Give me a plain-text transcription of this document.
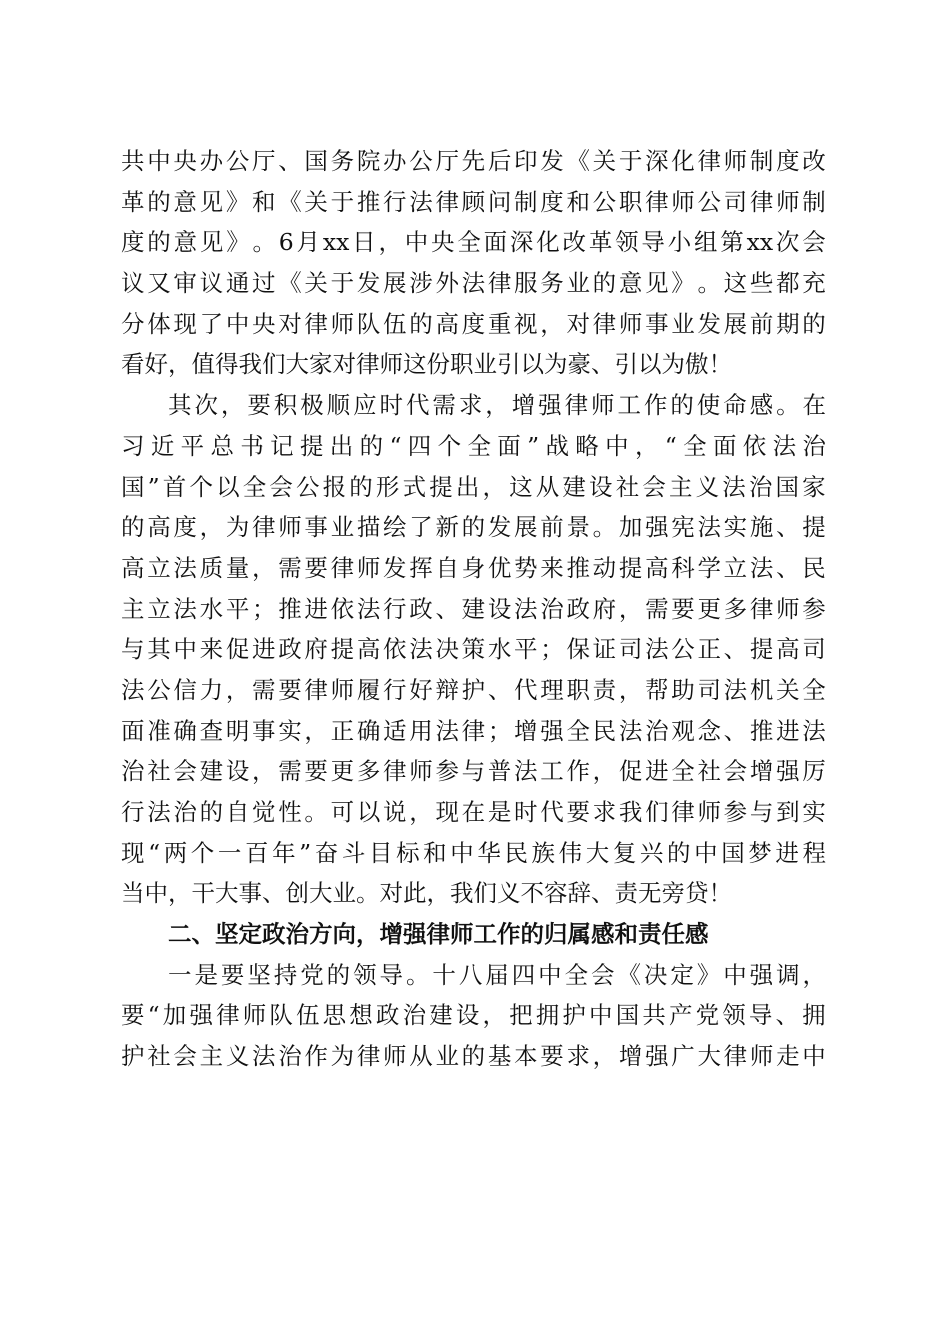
共 中 央 办 公 厅 、 国 务 院 办 公 厅 先 后 印 发 《 关 于 深 化 律 师 制 度 改
革 的 意 见 》 和 《 关 于 推 行 法 律 顾 问 制 度 和 公 职 律 师 公 司 律 师 制
度 的 意 见 》 。 6 月 xx 日 ， 中 央 全 面 深 化 改 革 领 导 小 组 第 xx 次 会
议 又 审 议 通 过 《 关 于 发 展 涉 外 法 律 服 务 业 的 意 见 》 。 这 些 都 充
分 体 现 了 中 央 对 律 师 队 伍 的 高 度 重 视 ， 对 律 师 事 业 发 展 前 期 的
看好，值得我们大家对律师这份职业引以为豪、引以为傲！
其 次 ， 要 积 极 顺 应 时 代 需 求 ， 增 强 律 师 工 作 的 使 命 感 。 在
习 近 平 总 书 记 提 出 的 “ 四 个 全 面 ” 战 略 中 ， “ 全 面 依 法 治
国 ” 首 个 以 全 会 公 报 的 形 式 提 出 ， 这 从 建 设 社 会 主 义 法 治 国 家
的 高 度 ， 为 律 师 事 业 描 绘 了 新 的 发 展 前 景 。 加 强 宪 法 实 施 、 提
高 立 法 质 量 ， 需 要 律 师 发 挥 自 身 优 势 来 推 动 提 高 科 学 立 法 、 民
主 立 法 水 平 ； 推 进 依 法 行 政 、 建 设 法 治 政 府 ， 需 要 更 多 律 师 参
与 其 中 来 促 进 政 府 提 高 依 法 决 策 水 平 ； 保 证 司 法 公 正 、 提 高 司
法 公 信 力 ， 需 要 律 师 履 行 好 辩 护 、 代 理 职 责 ， 帮 助 司 法 机 关 全
面 准 确 查 明 事 实 ， 正 确 适 用 法 律 ； 增 强 全 民 法 治 观 念 、 推 进 法
治 社 会 建 设 ， 需 要 更 多 律 师 参 与 普 法 工 作 ， 促 进 全 社 会 增 强 厉
行 法 治 的 自 觉 性 。 可 以 说 ， 现 在 是 时 代 要 求 我 们 律 师 参 与 到 实
现 “ 两 个 一 百 年 ” 奋 斗 目 标 和 中 华 民 族 伟 大 复 兴 的 中 国 梦 进 程
当中，干大事、创大业。对此，我们义不容辞、责无旁贷！
二、坚定政治方向，增强律师工作的归属感和责任感
一 是 要 坚 持 党 的 领 导 。 十 八 届 四 中 全 会 《 决 定 》 中 强 调 ，
要 “ 加 强 律 师 队 伍 思 想 政 治 建 设 ， 把 拥 护 中 国 共 产 党 领 导 、 拥
护 社 会 主 义 法 治 作 为 律 师 从 业 的 基 本 要 求 ， 增 强 广 大 律 师 走 中
